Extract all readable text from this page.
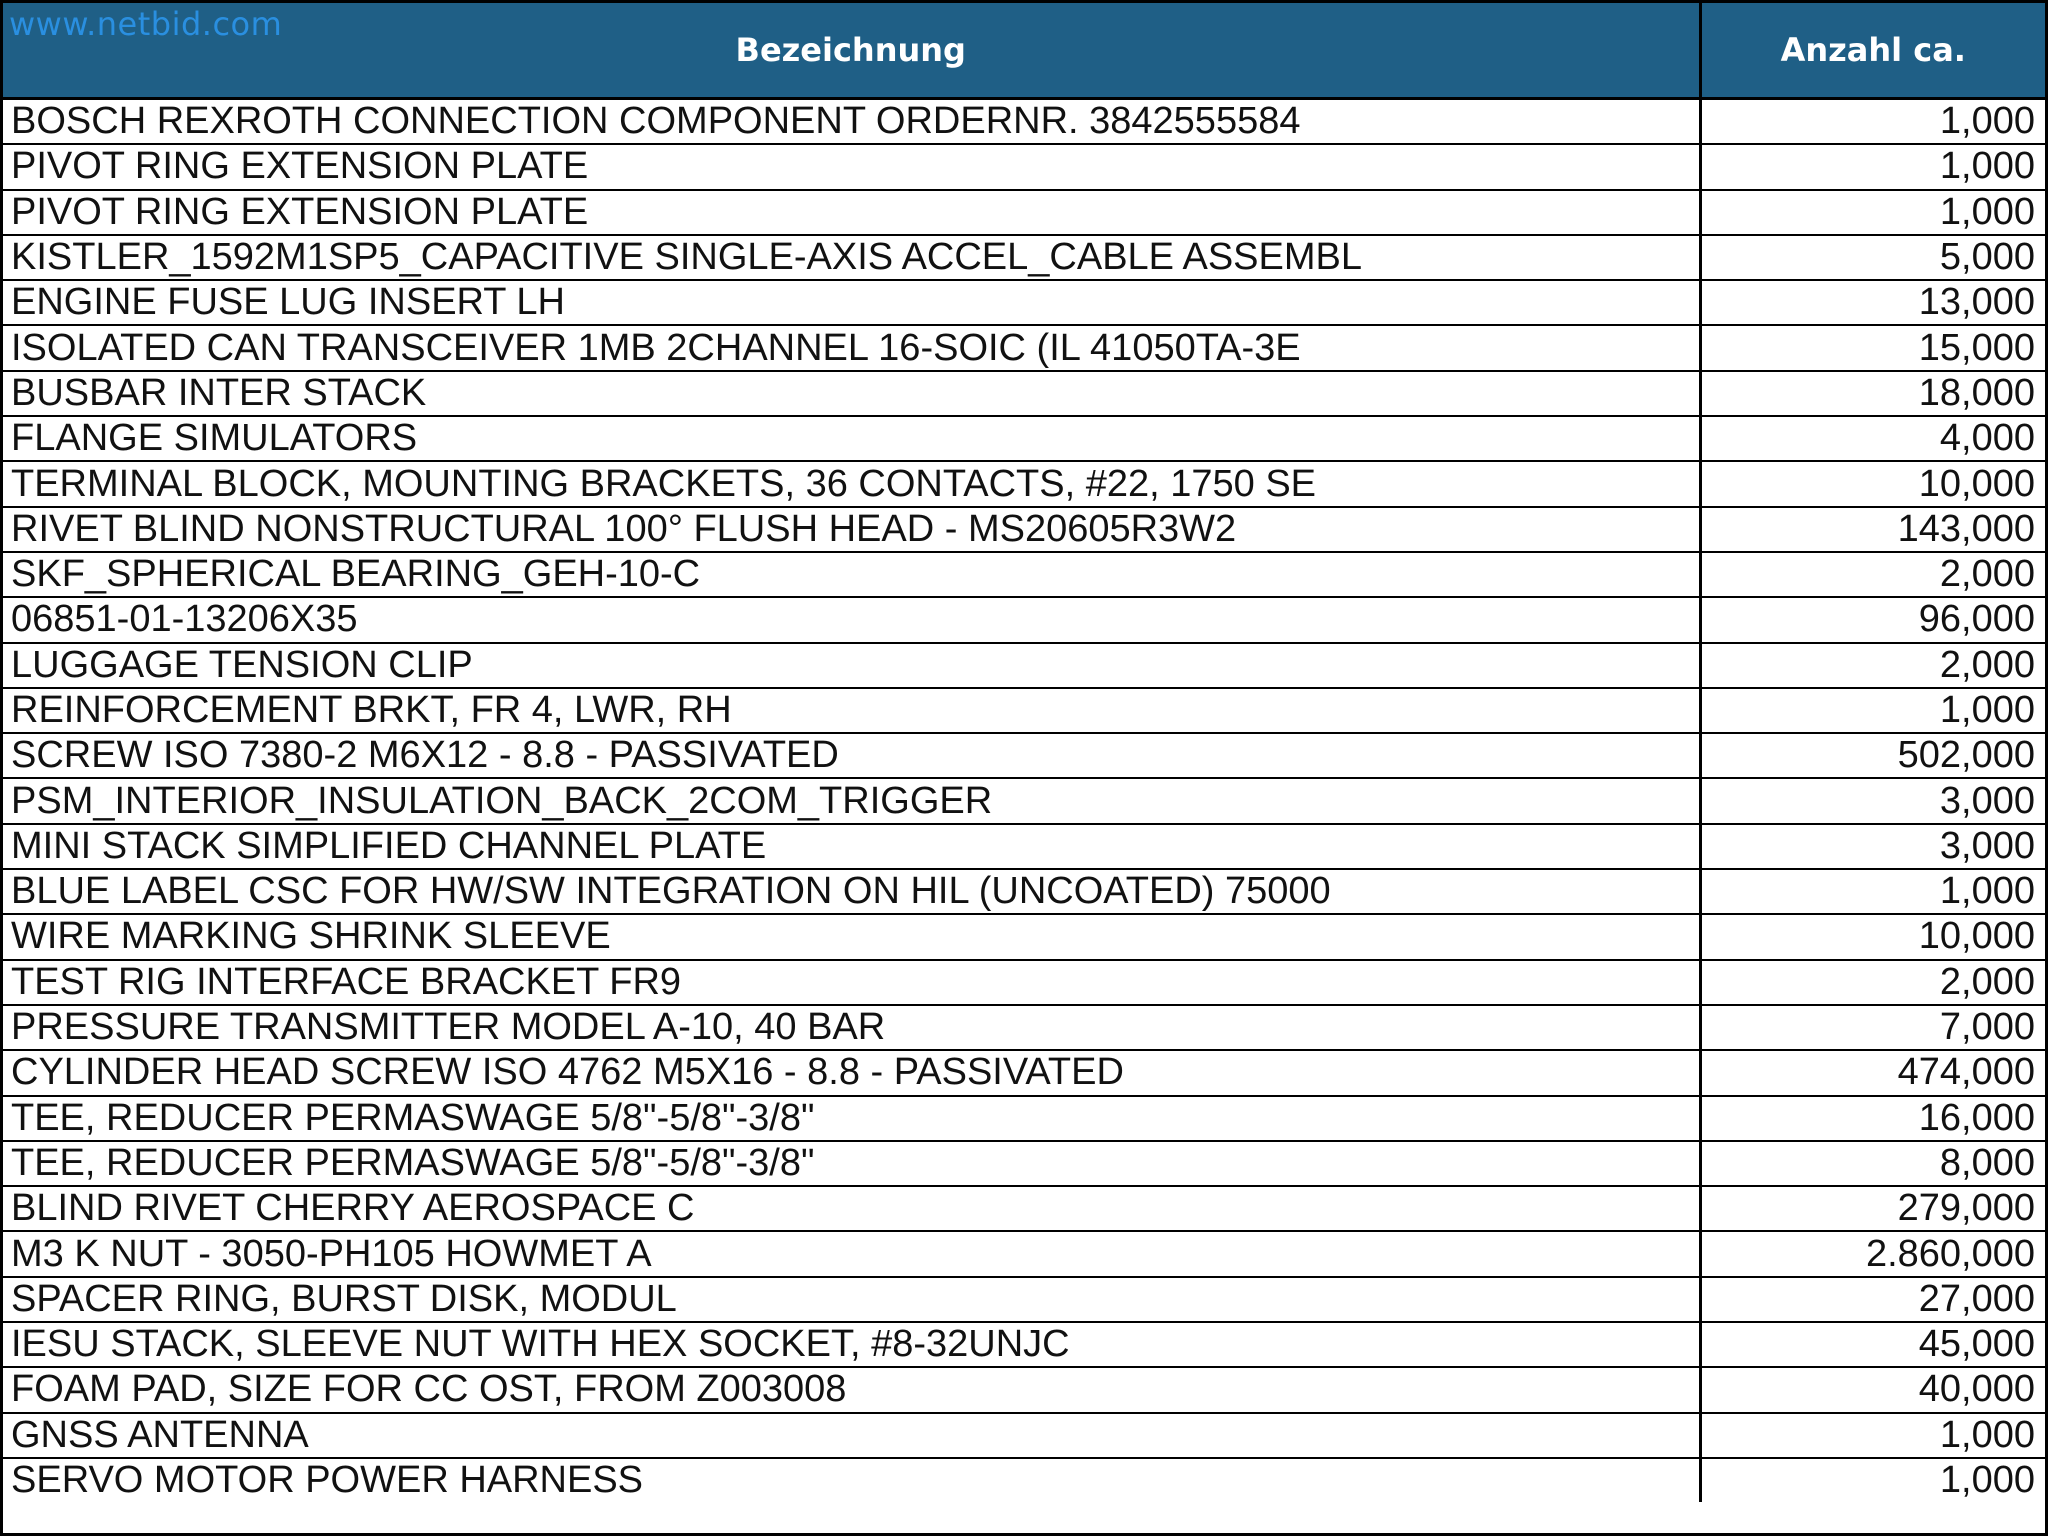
www.netbid.com
Bezeichnung	Anzahl ca.
BOSCH REXROTH CONNECTION COMPONENT ORDERNR. 3842555584	1,000
PIVOT RING EXTENSION PLATE	1,000
PIVOT RING EXTENSION PLATE	1,000
KISTLER_1592M1SP5_CAPACITIVE SINGLE-AXIS ACCEL_CABLE ASSEMBL	5,000
ENGINE FUSE LUG INSERT LH	13,000
ISOLATED CAN TRANSCEIVER 1MB 2CHANNEL 16-SOIC (IL 41050TA-3E	15,000
BUSBAR INTER STACK	18,000
FLANGE SIMULATORS	4,000
TERMINAL BLOCK, MOUNTING BRACKETS, 36 CONTACTS, #22, 1750 SE	10,000
RIVET BLIND NONSTRUCTURAL 100° FLUSH HEAD - MS20605R3W2	143,000
SKF_SPHERICAL BEARING_GEH-10-C	2,000
06851-01-13206X35	96,000
LUGGAGE TENSION CLIP	2,000
REINFORCEMENT BRKT, FR 4, LWR, RH	1,000
SCREW ISO 7380-2 M6X12 - 8.8 - PASSIVATED	502,000
PSM_INTERIOR_INSULATION_BACK_2COM_TRIGGER	3,000
MINI STACK SIMPLIFIED CHANNEL PLATE	3,000
BLUE LABEL CSC FOR HW/SW INTEGRATION ON HIL (UNCOATED) 75000	1,000
WIRE MARKING SHRINK SLEEVE	10,000
TEST RIG INTERFACE BRACKET FR9	2,000
PRESSURE TRANSMITTER MODEL A-10, 40 BAR	7,000
CYLINDER HEAD SCREW ISO 4762 M5X16 - 8.8 - PASSIVATED	474,000
TEE, REDUCER PERMASWAGE 5/8"-5/8"-3/8"	16,000
TEE, REDUCER PERMASWAGE 5/8"-5/8"-3/8"	8,000
BLIND RIVET CHERRY AEROSPACE C	279,000
M3 K NUT - 3050-PH105 HOWMET A	2.860,000
SPACER RING, BURST DISK, MODUL	27,000
IESU STACK, SLEEVE NUT WITH HEX SOCKET, #8-32UNJC	45,000
FOAM PAD, SIZE FOR CC OST, FROM Z003008	40,000
GNSS ANTENNA	1,000
SERVO MOTOR POWER HARNESS	1,000
